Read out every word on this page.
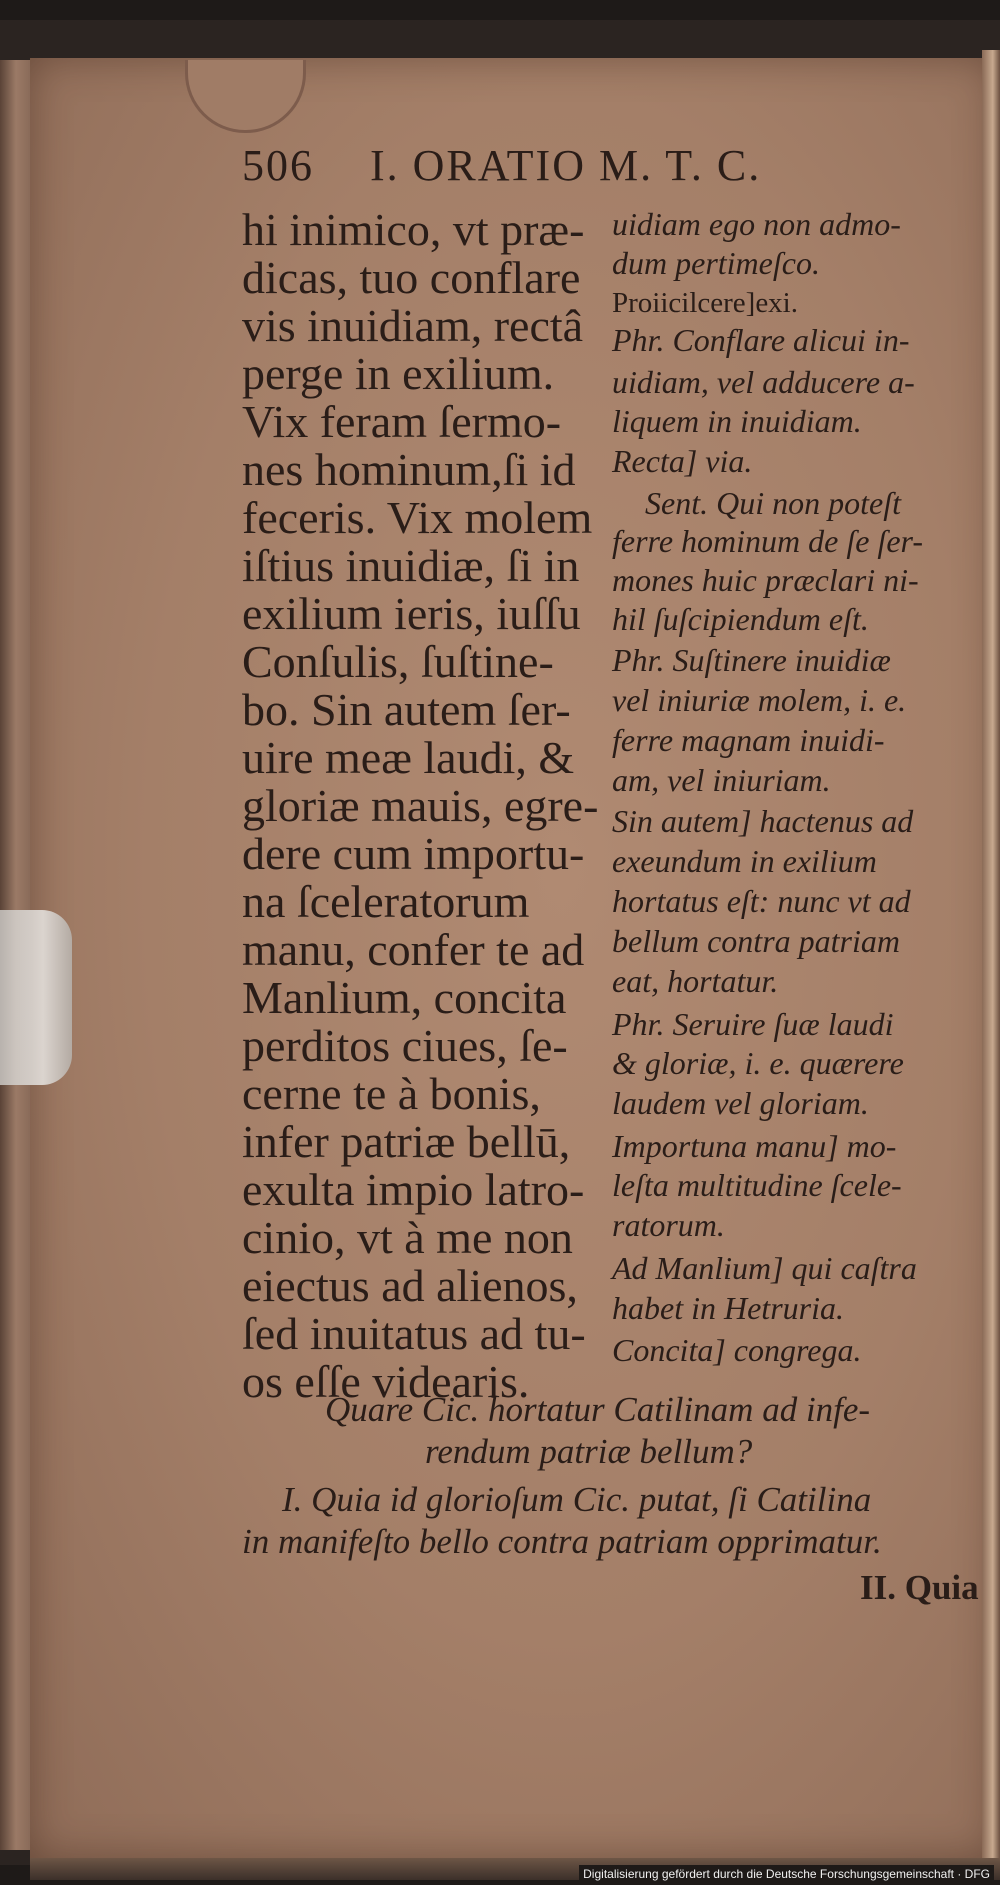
506 I. ORATIO M. T. C.
hi inimico, vt præ-
dicas, tuo conflare
vis inuidiam, rectâ
perge in exilium.
Vix feram ſermo-
nes hominum,ſi id
feceris. Vix molem
iſtius inuidiæ, ſi in
exilium ieris, iuſſu
Conſulis, ſuſtine-
bo. Sin autem ſer-
uire meæ laudi, &
gloriæ mauis, egre-
dere cum importu-
na ſceleratorum
manu, confer te ad
Manlium, concita
perditos ciues, ſe-
cerne te à bonis,
infer patriæ bellū,
exulta impio latro-
cinio, vt à me non
eiectus ad alienos,
ſed inuitatus ad tu-
os eſſe videaris.
uidiam ego non admo-
dum pertimeſco.
Proiicilcere]exi.
Phr. Conflare alicui in-
uidiam, vel adducere a-
liquem in inuidiam.
Recta] via.
Sent. Qui non poteſt
ferre hominum de ſe ſer-
mones huic præclari ni-
hil ſuſcipiendum eſt.
Phr. Suſtinere inuidiæ
vel iniuriæ molem, i. e.
ferre magnam inuidi-
am, vel iniuriam.
Sin autem] hactenus ad
exeundum in exilium
hortatus eſt: nunc vt ad
bellum contra patriam
eat, hortatur.
Phr. Seruire ſuæ laudi
& gloriæ, i. e. quærere
laudem vel gloriam.
Importuna manu] mo-
leſta multitudine ſcele-
ratorum.
Ad Manlium] qui caſtra
habet in Hetruria.
Concita] congrega.
Quare Cic. hortatur Catilinam ad infe-
rendum patriæ bellum?
I. Quia id glorioſum Cic. putat, ſi Catilina
in manifeſto bello contra patriam opprimatur.
II. Quia
Digitalisierung gefördert durch die Deutsche Forschungsgemeinschaft · DFG
